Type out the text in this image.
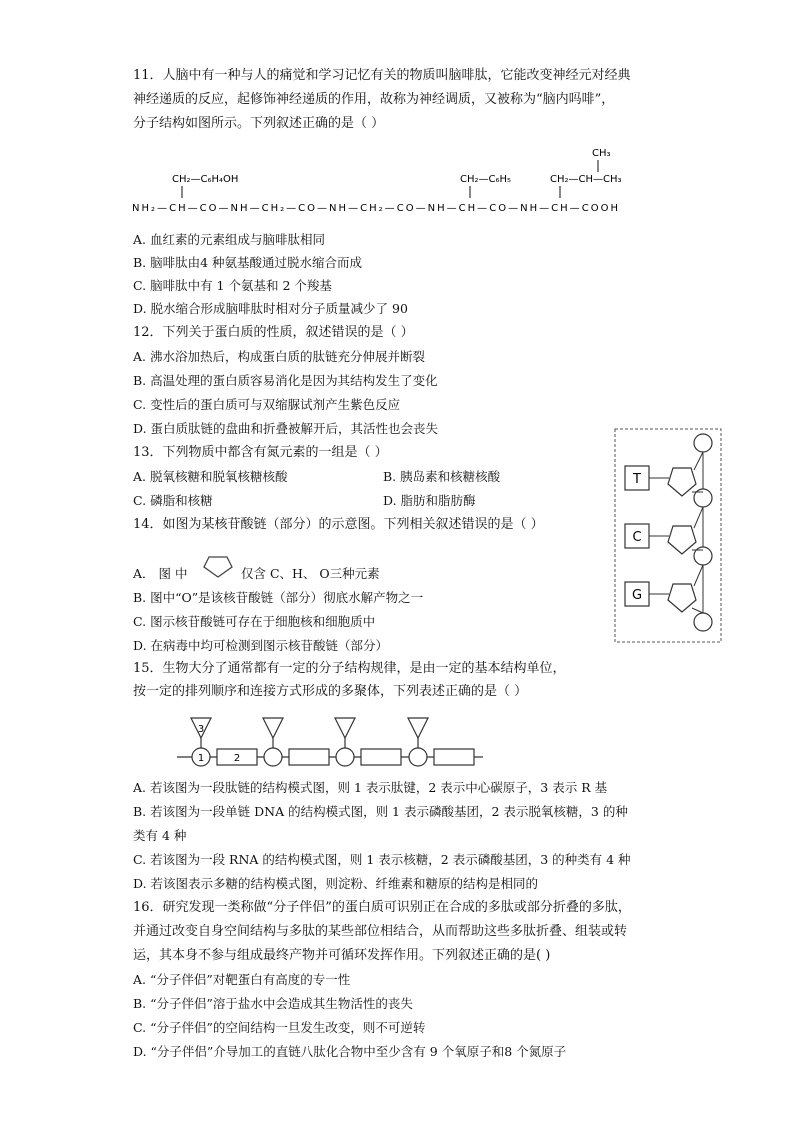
11．人脑中有一种与人的痛觉和学习记忆有关的物质叫脑啡肽，它能改变神经元对经典
神经递质的反应，起修饰神经递质的作用，故称为神经调质，又被称为“脑内吗啡”，
分子结构如图所示。下列叙述正确的是（ ）
CH₃
CH₂—C₆H₄OH	CH₂—C₆H₅	CH₂—CH—CH₃
NH₂—CH—CO—NH—CH₂—CO—NH—CH₂—CO—NH—CH—CO—NH—CH—COOH
A. 血红素的元素组成与脑啡肽相同
B. 脑啡肽由4 种氨基酸通过脱水缩合而成
C. 脑啡肽中有 1 个氨基和 2 个羧基
D. 脱水缩合形成脑啡肽时相对分子质量减少了 90
12．下列关于蛋白质的性质，叙述错误的是（ ）
A. 沸水浴加热后，构成蛋白质的肽链充分伸展并断裂
B. 高温处理的蛋白质容易消化是因为其结构发生了变化
C. 变性后的蛋白质可与双缩脲试剂产生紫色反应
D. 蛋白质肽链的盘曲和折叠被解开后，其活性也会丧失
13．下列物质中都含有氮元素的一组是（ ）
A. 脱氧核糖和脱氧核糖核酸	B. 胰岛素和核糖核酸
C. 磷脂和核糖	D. 脂肪和脂肪酶
14．如图为某核苷酸链（部分）的示意图。下列相关叙述错误的是（ ）
A． 图 中	仅含 C、H、 O三种元素
B. 图中“O”是该核苷酸链（部分）彻底水解产物之一
C. 图示核苷酸链可存在于细胞核和细胞质中
D. 在病毒中均可检测到图示核苷酸链（部分）
T
C
G
15．生物大分了通常都有一定的分子结构规律，是由一定的基本结构单位，
按一定的排列顺序和连接方式形成的多聚体，下列表述正确的是（ ）
3
1	2
A. 若该图为一段肽链的结构模式图，则 1 表示肽键，2 表示中心碳原子，3 表示 R 基
B. 若该图为一段单链 DNA 的结构模式图，则 1 表示磷酸基团，2 表示脱氧核糖，3 的种
类有 4 种
C. 若该图为一段 RNA 的结构模式图，则 1 表示核糖，2 表示磷酸基团，3 的种类有 4 种
D. 若该图表示多糖的结构模式图，则淀粉、纤维素和糖原的结构是相同的
16．研究发现一类称做“分子伴侣”的蛋白质可识别正在合成的多肽或部分折叠的多肽，
并通过改变自身空间结构与多肽的某些部位相结合，从而帮助这些多肽折叠、组装或转
运，其本身不参与组成最终产物并可循环发挥作用。下列叙述正确的是( )
A. “分子伴侣”对靶蛋白有高度的专一性
B. “分子伴侣”溶于盐水中会造成其生物活性的丧失
C. “分子伴侣”的空间结构一旦发生改变，则不可逆转
D. “分子伴侣”介导加工的直链八肽化合物中至少含有 9 个氧原子和8 个氮原子
